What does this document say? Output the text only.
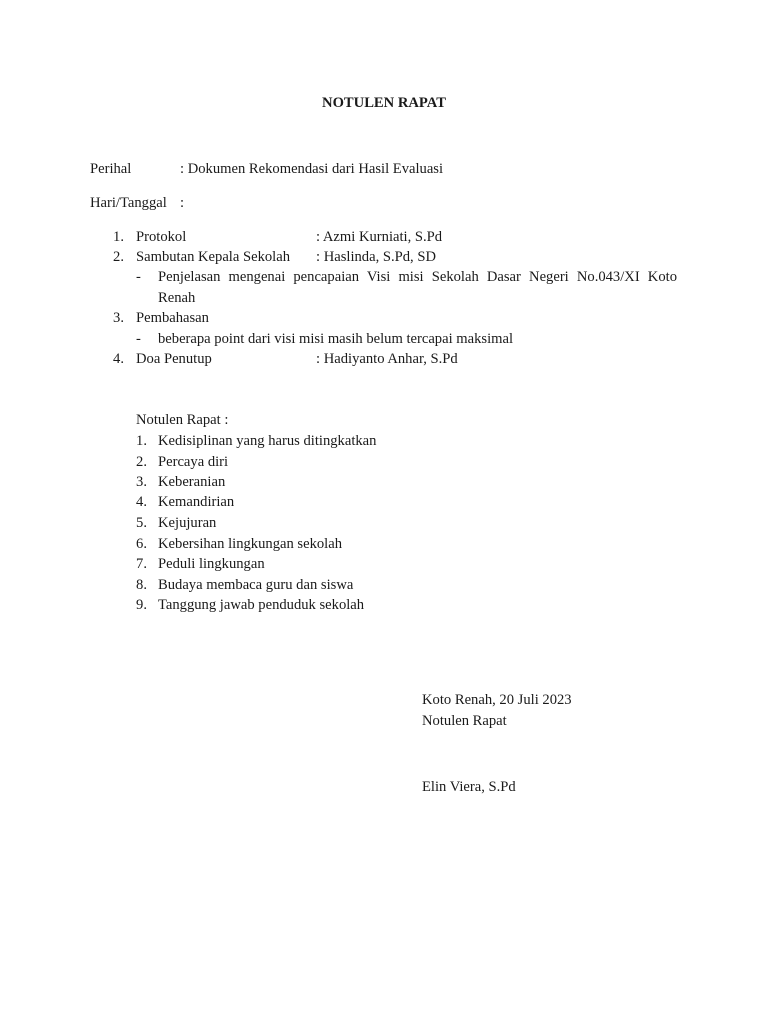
NOTULEN RAPAT
Perihal	: Dokumen Rekomendasi dari Hasil Evaluasi
Hari/Tanggal :
1. Protokol	: Azmi Kurniati, S.Pd
2. Sambutan Kepala Sekolah : Haslinda, S.Pd, SD
- Penjelasan mengenai pencapaian Visi misi Sekolah Dasar Negeri No.043/XI Koto
Renah
3. Pembahasan
- beberapa point dari visi misi masih belum tercapai maksimal
4. Doa Penutup	: Hadiyanto Anhar, S.Pd
Notulen Rapat :
1. Kedisiplinan yang harus ditingkatkan
2. Percaya diri
3. Keberanian
4. Kemandirian
5. Kejujuran
6. Kebersihan lingkungan sekolah
7. Peduli lingkungan
8. Budaya membaca guru dan siswa
9. Tanggung jawab penduduk sekolah
Koto Renah, 20 Juli 2023
Notulen Rapat
Elin Viera, S.Pd
